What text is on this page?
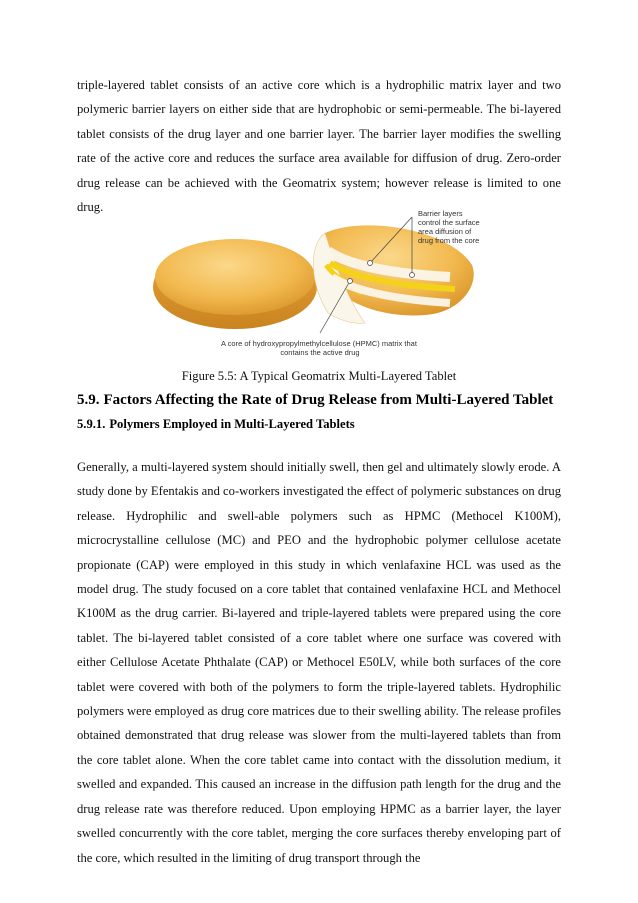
triple-layered tablet consists of an active core which is a hydrophilic matrix layer and two polymeric barrier layers on either side that are hydrophobic or semi-permeable. The bi-layered tablet consists of the drug layer and one barrier layer. The barrier layer modifies the swelling rate of the active core and reduces the surface area available for diffusion of drug. Zero-order drug release can be achieved with the Geomatrix system; however release is limited to one drug.	Barrier layers control the surface area diffusion of drug from the core
A core of hydroxypropylmethylcellulose (HPMC) matrix that contains the active drug

Figure 5.5: A Typical Geomatrix Multi-Layered Tablet

5.9. Factors Affecting the Rate of Drug Release from Multi-Layered Tablet
5.9.1. Polymers Employed in Multi-Layered Tablets

Generally, a multi-layered system should initially swell, then gel and ultimately slowly erode. A study done by Efentakis and co-workers investigated the effect of polymeric substances on drug release. Hydrophilic and swell-able polymers such as HPMC (Methocel K100M), microcrystalline cellulose (MC) and PEO and the hydrophobic polymer cellulose acetate propionate (CAP) were employed in this study in which venlafaxine HCL was used as the model drug. The study focused on a core tablet that contained venlafaxine HCL and Methocel K100M as the drug carrier. Bi-layered and triple-layered tablets were prepared using the core tablet. The bi-layered tablet consisted of a core tablet where one surface was covered with either Cellulose Acetate Phthalate (CAP) or Methocel E50LV, while both surfaces of the core tablet were covered with both of the polymers to form the triple-layered tablets. Hydrophilic polymers were employed as drug core matrices due to their swelling ability. The release profiles obtained demonstrated that drug release was slower from the multi-layered tablets than from the core tablet alone. When the core tablet came into contact with the dissolution medium, it swelled and expanded. This caused an increase in the diffusion path length for the drug and the drug release rate was therefore reduced. Upon employing HPMC as a barrier layer, the layer swelled concurrently with the core tablet, merging the core surfaces thereby enveloping part of the core, which resulted in the limiting of drug transport through the
